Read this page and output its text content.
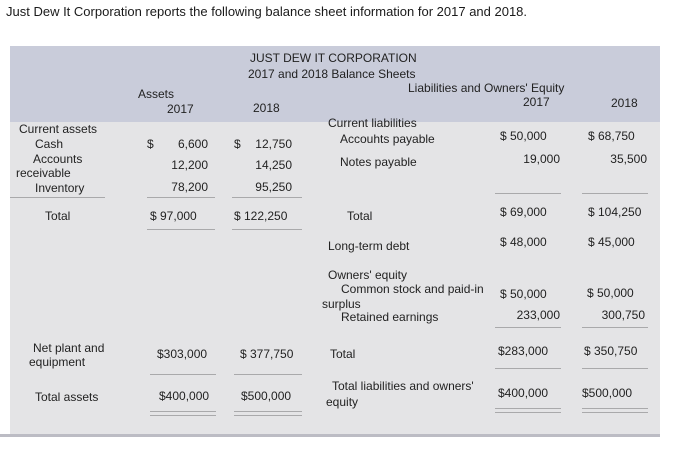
Just Dew It Corporation reports the following balance sheet information for 2017 and 2018.
JUST DEW IT CORPORATION
2017 and 2018 Balance Sheets
Assets	Liabilities and Owners' Equity
2017	2018	2017	2018
Current assets
Cash	$	6,600 $	12,750
Accounts
receivable
12,200	14,250
Inventory	78,200	95,250
Total	$ 97,000	$ 122,250
Net plant and
equipment
$303,000	$ 377,750
Total assets	$400,000	$500,000
Current liabilities
Accouhts payable	$ 50,000	$ 68,750
Notes payable	19,000	35,500
Total	$ 69,000	$ 104,250
Long-term debt	$ 48,000	$ 45,000
Owners' equity
Common stock and paid-in
surplus
$ 50,000	$ 50,000
Retained earnings	233,000	300,750
Total	$283,000	$ 350,750
Total liabilities and owners'
equity
$400,000	$500,000
